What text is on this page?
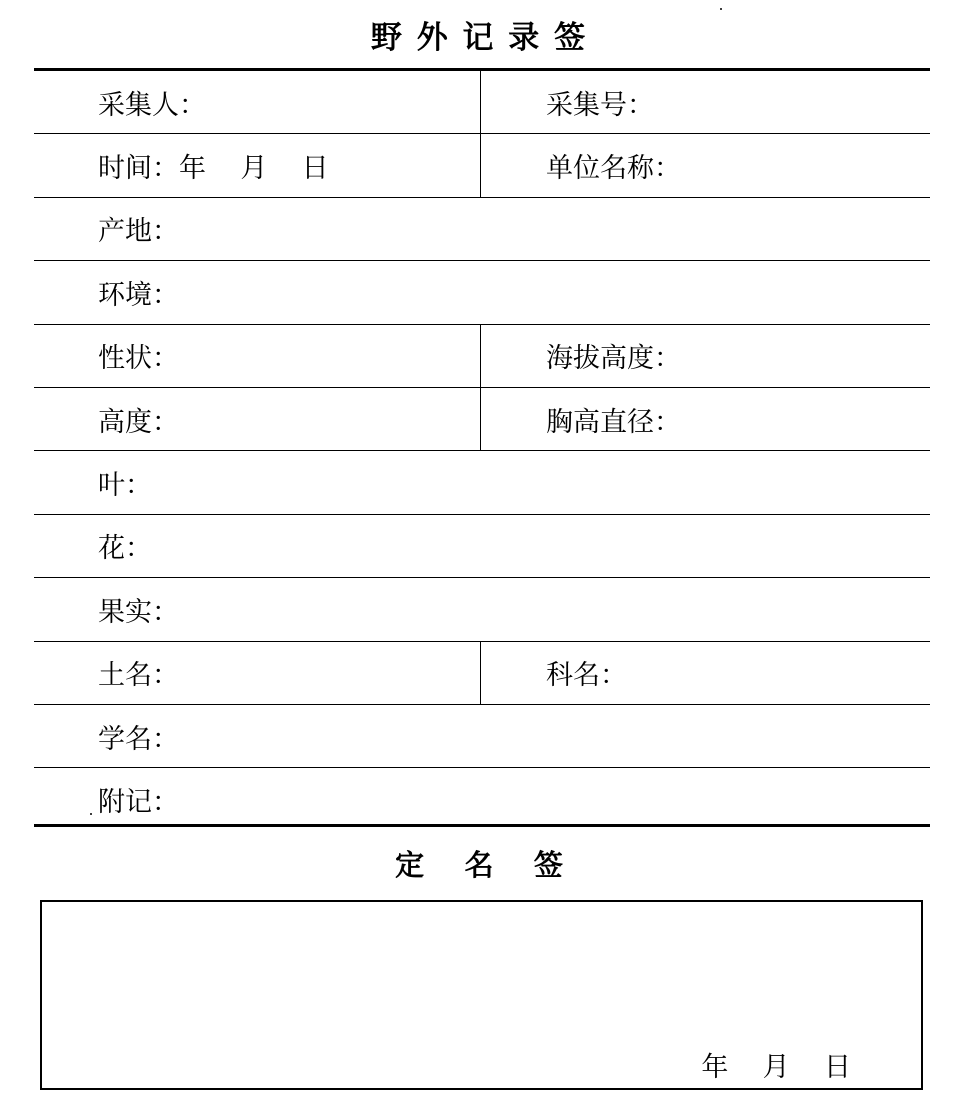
野 外 记 录 签
采集人：	采集号：
时间：年    月    日	单位名称：
产地：
环境：
性状：	海拔高度：
高度：	胸高直径：
叶：
花：
果实：
土名：	科名：
学名：
附记：
定    名    签
年    月    日
